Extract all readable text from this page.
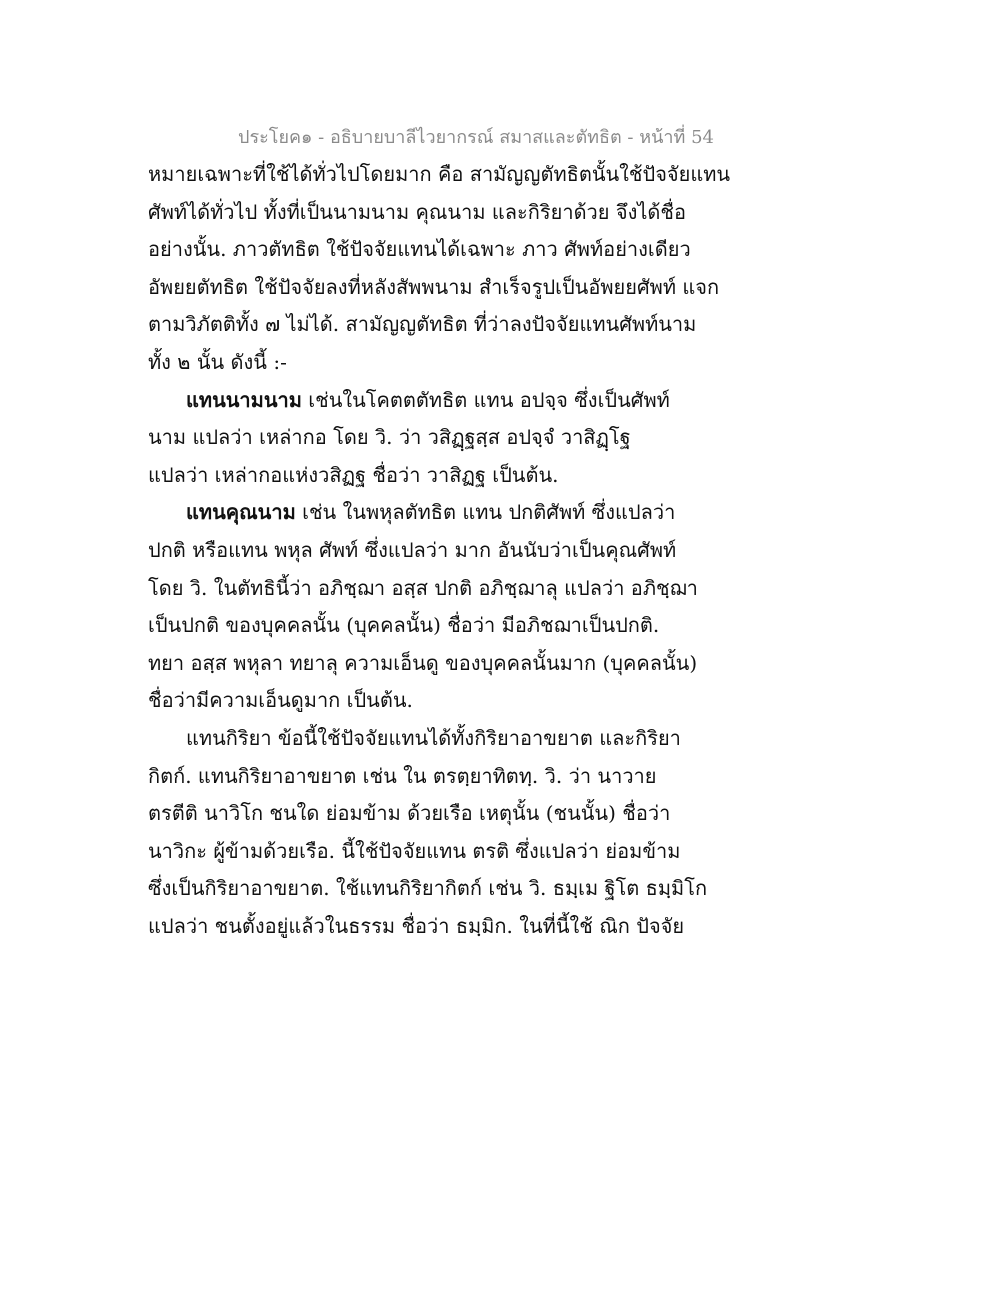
ประโยค๑ - อธิบายบาลีไวยากรณ์ สมาสและตัทธิต - หน้าที่ 54
หมายเฉพาะที่ใช้ได้ทั่วไปโดยมาก คือ สามัญญตัทธิตนั้นใช้ปัจจัยแทน
ศัพท์ได้ทั่วไป ทั้งที่เป็นนามนาม คุณนาม และกิริยาด้วย จึงได้ชื่อ
อย่างนั้น. ภาวตัทธิต ใช้ปัจจัยแทนได้เฉพาะ ภาว ศัพท์อย่างเดียว
อัพยยตัทธิต ใช้ปัจจัยลงที่หลังสัพพนาม สำเร็จรูปเป็นอัพยยศัพท์ แจก
ตามวิภัตติทั้ง ๗ ไม่ได้. สามัญญตัทธิต ที่ว่าลงปัจจัยแทนศัพท์นาม
ทั้ง ๒ นั้น ดังนี้ :-
แทนนามนาม เช่นในโคตตตัทธิต แทน อปจฺจ ซึ่งเป็นศัพท์
นาม แปลว่า เหล่ากอ โดย วิ. ว่า วสิฏฺฐสฺส อปจฺจํ วาสิฏฺโฐ
แปลว่า เหล่ากอแห่งวสิฏฐ ชื่อว่า วาสิฏฐ เป็นต้น.
แทนคุณนาม เช่น ในพหุลตัทธิต แทน ปกติศัพท์ ซึ่งแปลว่า
ปกติ หรือแทน พหุล ศัพท์ ซึ่งแปลว่า มาก อันนับว่าเป็นคุณศัพท์
โดย วิ. ในตัทธินี้ว่า อภิชฺฌา อสฺส ปกติ อภิชฺฌาลุ แปลว่า อภิชฺฌา
เป็นปกติ ของบุคคลนั้น (บุคคลนั้น) ชื่อว่า มีอภิชฌาเป็นปกติ.
ทยา อสฺส พหุลา ทยาลุ ความเอ็นดู ของบุคคลนั้นมาก (บุคคลนั้น)
ชื่อว่ามีความเอ็นดูมาก เป็นต้น.
แทนกิริยา ข้อนี้ใช้ปัจจัยแทนได้ทั้งกิริยาอาขยาต และกิริยา
กิตก์. แทนกิริยาอาขยาต เช่น ใน ตรตฺยาทิตทฺ. วิ. ว่า นาวาย
ตรตีติ นาวิโก ชนใด ย่อมข้าม ด้วยเรือ เหตุนั้น (ชนนั้น) ชื่อว่า
นาวิกะ ผู้ข้ามด้วยเรือ. นี้ใช้ปัจจัยแทน ตรติ ซึ่งแปลว่า ย่อมข้าม
ซึ่งเป็นกิริยาอาขยาต. ใช้แทนกิริยากิตก์ เช่น วิ. ธมฺเม ฐิโต ธมฺมิโก
แปลว่า ชนตั้งอยู่แล้วในธรรม ชื่อว่า ธมฺมิก. ในที่นี้ใช้ ณิก ปัจจัย
